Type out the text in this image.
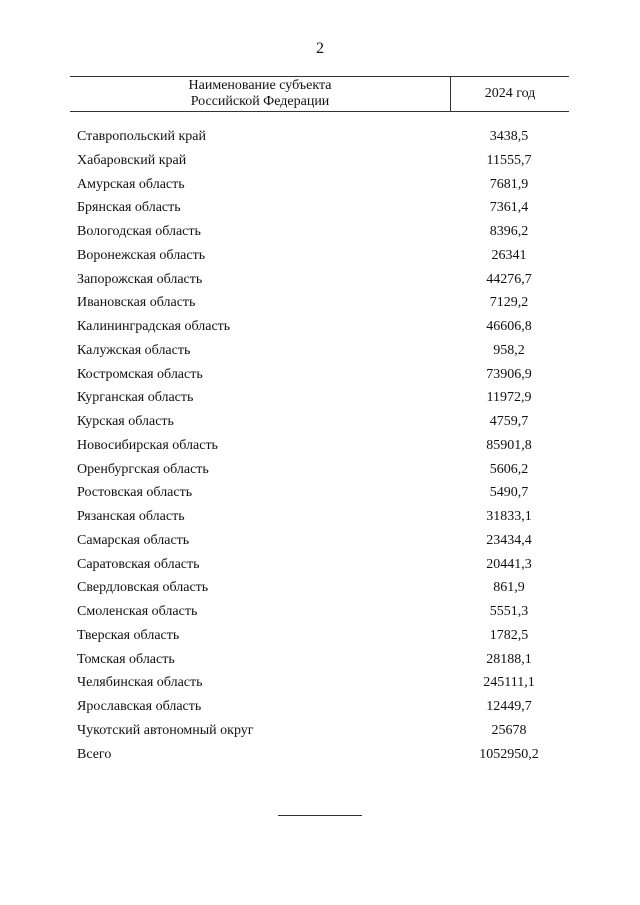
2
Наименование субъекта
Российской Федерации
2024 год
Ставропольский край	3438,5
Хабаровский край	11555,7
Амурская область	7681,9
Брянская область	7361,4
Вологодская область	8396,2
Воронежская область	26341
Запорожская область	44276,7
Ивановская область	7129,2
Калининградская область	46606,8
Калужская область	958,2
Костромская область	73906,9
Курганская область	11972,9
Курская область	4759,7
Новосибирская область	85901,8
Оренбургская область	5606,2
Ростовская область	5490,7
Рязанская область	31833,1
Самарская область	23434,4
Саратовская область	20441,3
Свердловская область	861,9
Смоленская область	5551,3
Тверская область	1782,5
Томская область	28188,1
Челябинская область	245111,1
Ярославская область	12449,7
Чукотский автономный округ	25678
Всего	1052950,2
